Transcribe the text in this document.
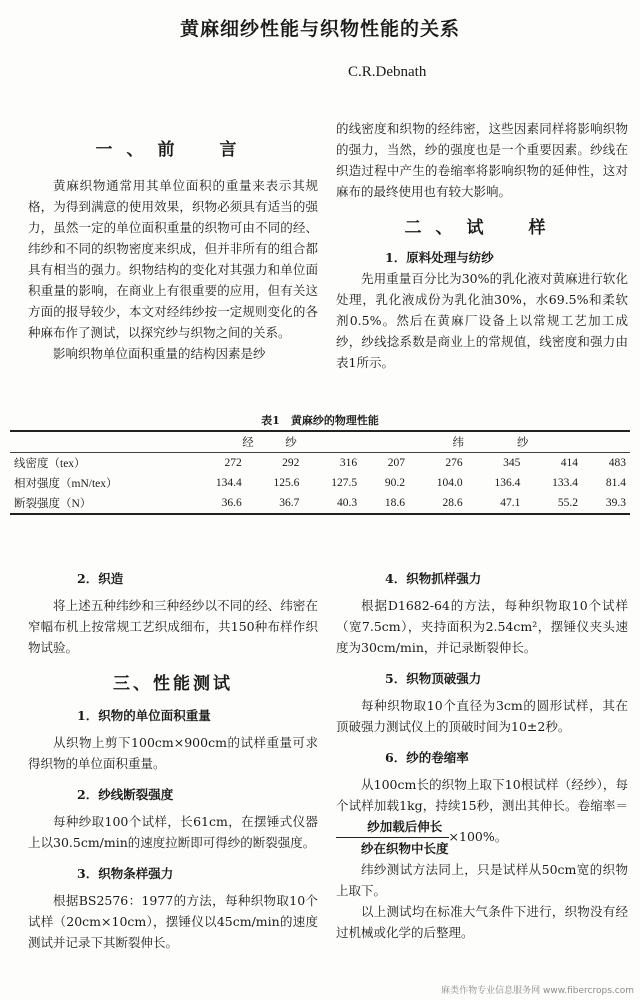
黄麻细纱性能与织物性能的关系
C.R.Debnath
一、前　言

黄麻织物通常用其单位面积的重量来表示其规格，为得到满意的使用效果，织物必须具有适当的强力，虽然一定的单位面积重量的织物可由不同的经、纬纱和不同的织物密度来织成，但并非所有的组合都具有相当的强力。织物结构的变化对其强力和单位面积重量的影响，在商业上有很重要的应用，但有关这方面的报导较少，本文对经纬纱按一定规则变化的各种麻布作了测试，以探究纱与织物之间的关系。

影响织物单位面积重量的结构因素是纱

的线密度和织物的经纬密，这些因素同样将影响织物的强力，当然，纱的强度也是一个重要因素。纱线在织造过程中产生的卷缩率将影响织物的延伸性，这对麻布的最终使用也有较大影响。

二、试　样

1．原料处理与纺纱

先用重量百分比为30%的乳化液对黄麻进行软化处理，乳化液成份为乳化油30%，水69.5%和柔软剂0.5%。然后在黄麻厂设备上以常规工艺加工成纱，纱线捻系数是商业上的常规值，线密度和强力由表1所示。

表1　黄麻纱的物理性能
	经　纱			纬　　纱				
线密度（tex）	272	292	316	207	276	345	414	483
相对强度（mN/tex）	134.4	125.6	127.5	90.2	104.0	136.4	133.4	81.4
断裂强度（N）	36.6	36.7	40.3	18.6	28.6	47.1	55.2	39.3

2．织造

将上述五种纬纱和三种经纱以不同的经、纬密在窄幅布机上按常规工艺织成细布，共150种布样作织物试验。

三、性能测试

1．织物的单位面积重量

从织物上剪下100cm×900cm的试样重量可求得织物的单位面积重量。

2．纱线断裂强度

每种纱取100个试样，长61cm，在摆锤式仪器上以30.5cm/min的速度拉断即可得纱的断裂强度。

3．织物条样强力

根据BS2576：1977的方法，每种织物取10个试样（20cm×10cm），摆锤仪以45cm/min的速度测试并记录下其断裂伸长。

4．织物抓样强力

根据D1682-64的方法，每种织物取10个试样（宽7.5cm），夹持面积为2.54cm²，摆锤仪夹头速度为30cm/min，并记录断裂伸长。

5．织物顶破强力

每种织物取10个直径为3cm的圆形试样，其在顶破强力测试仪上的顶破时间为10±2秒。

6．纱的卷缩率

从100cm长的织物上取下10根试样（经纱），每个试样加载1kg，持续15秒，测出其伸长。卷缩率＝
纱加载后伸长
纱在织物中长度
×100%。

纬纱测试方法同上，只是试样从50cm宽的织物上取下。

以上测试均在标准大气条件下进行，织物没有经过机械或化学的后整理。

麻类作物专业信息服务网 www.fibercrops.com
